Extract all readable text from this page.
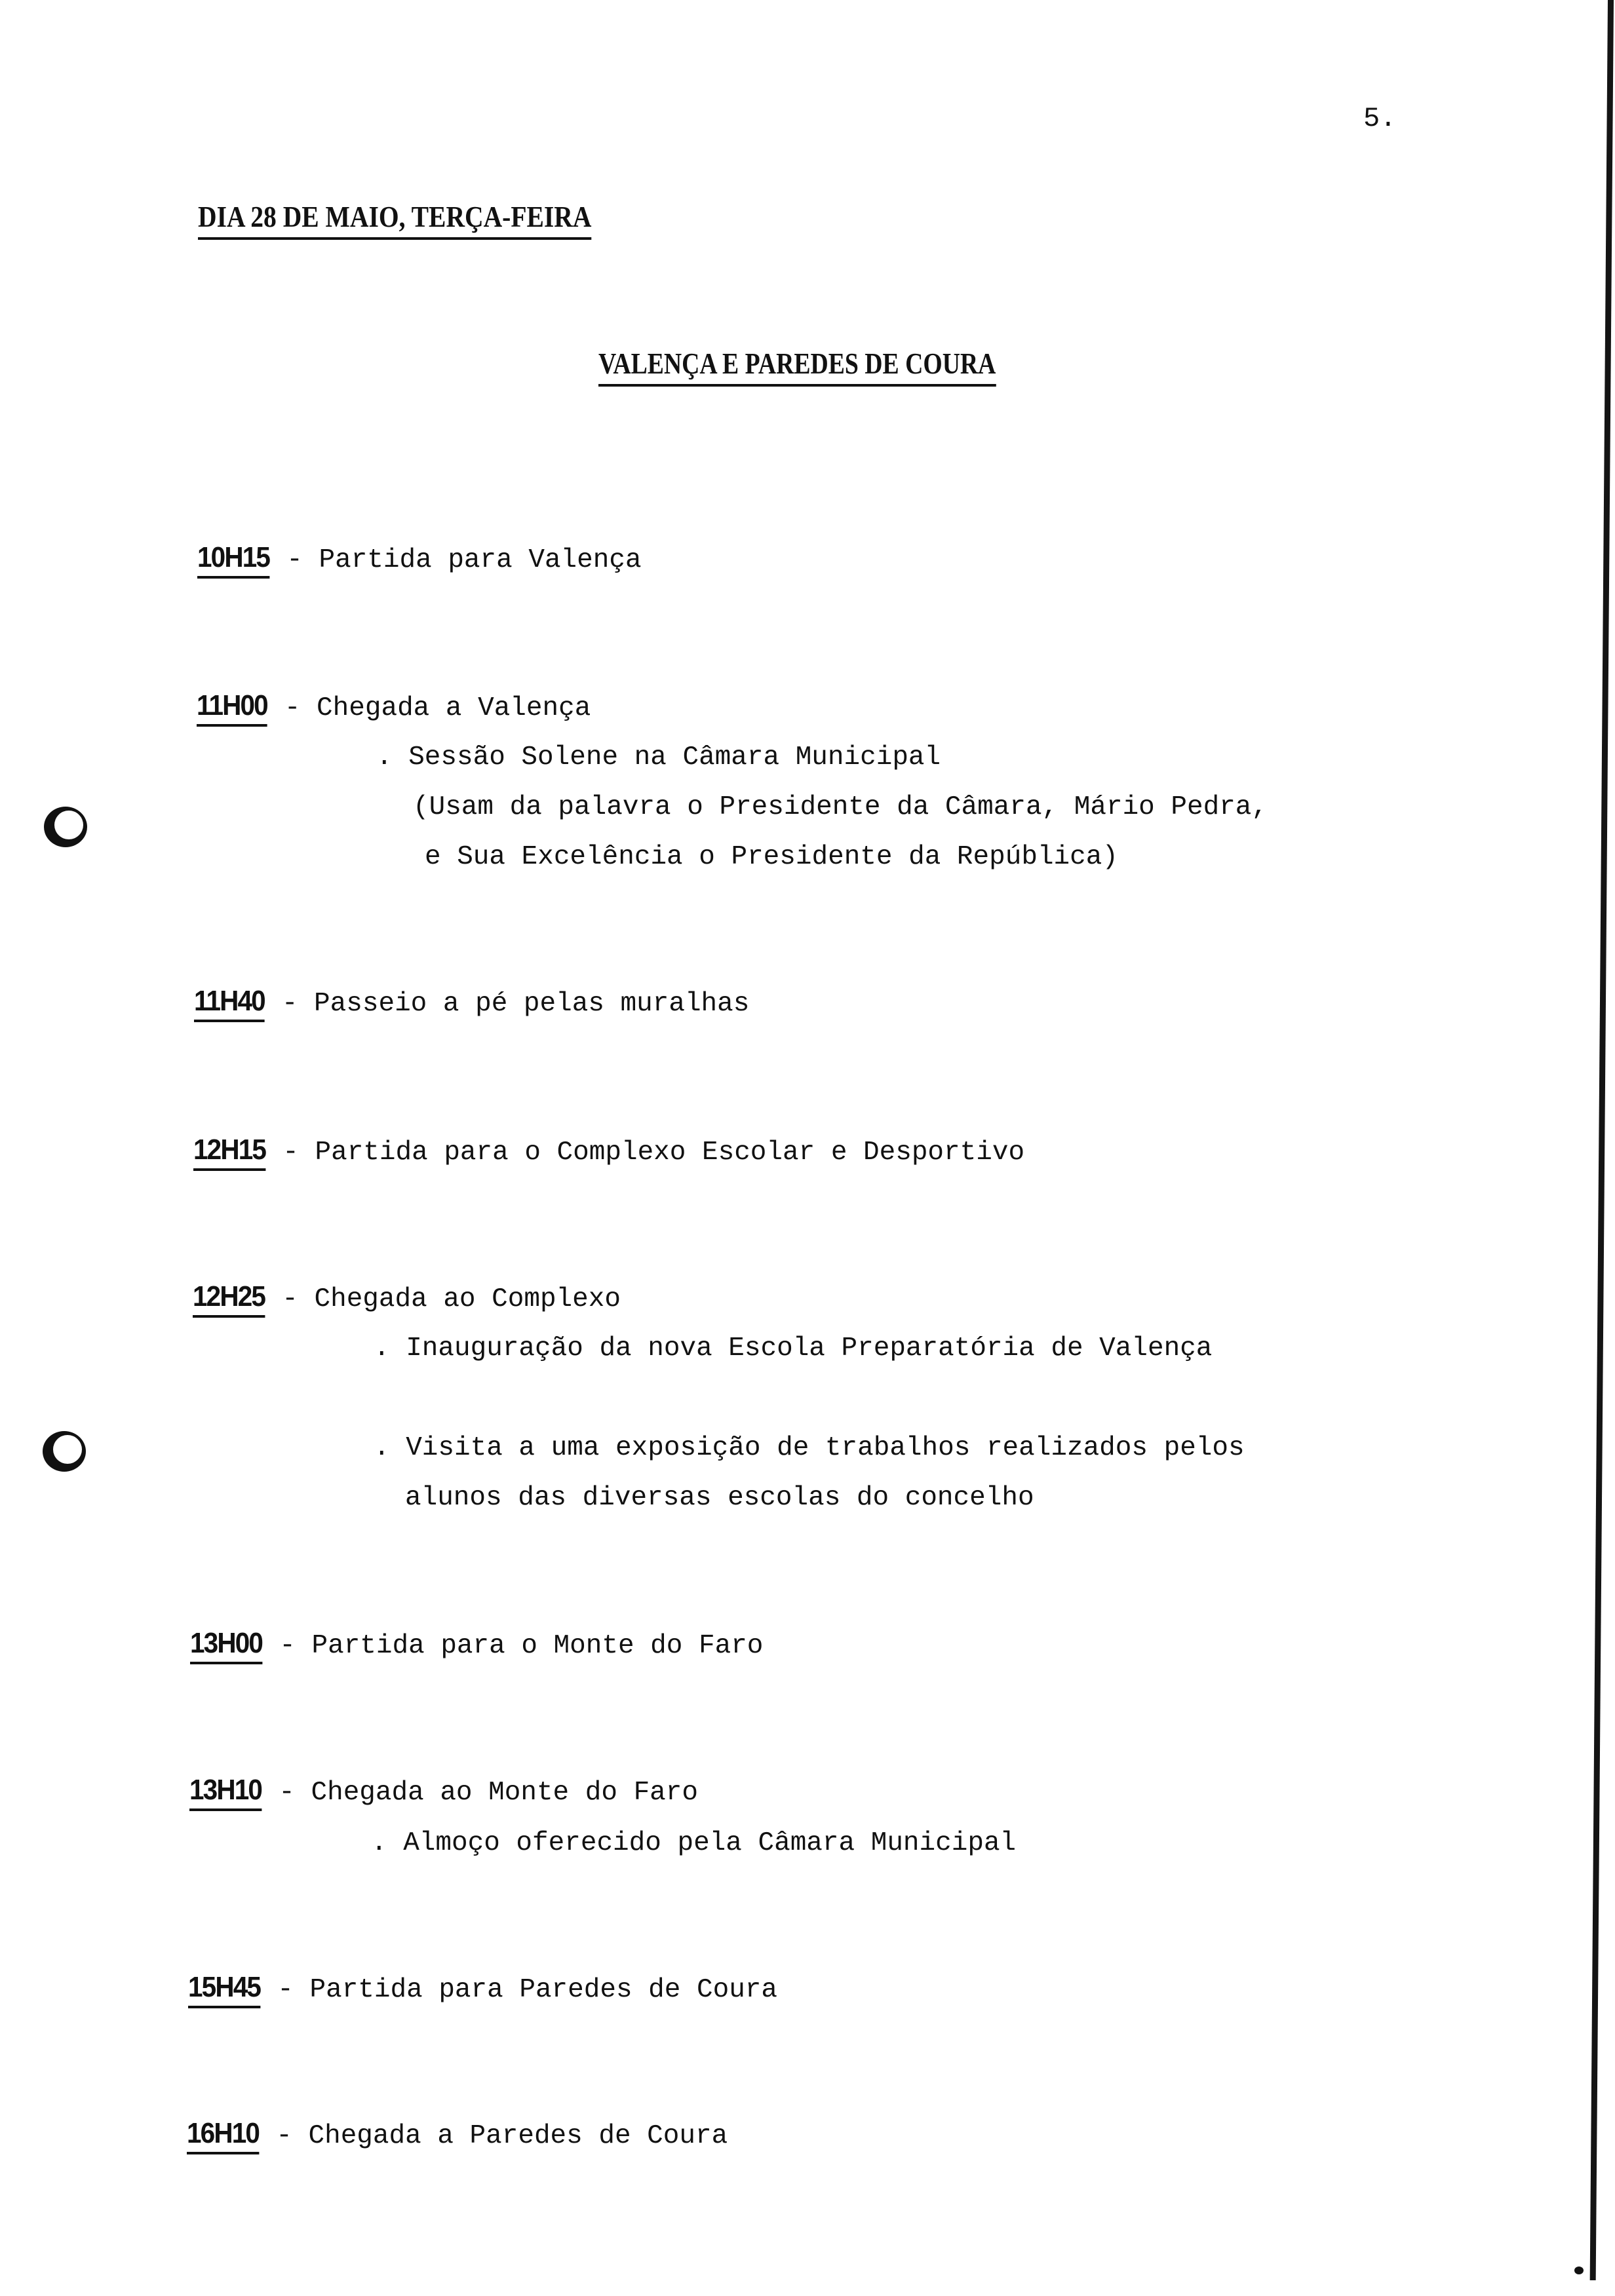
5.
DIA 28 DE MAIO, TERÇA-FEIRA
VALENÇA E PAREDES DE COURA
10H15 - Partida para Valença
11H00 - Chegada a Valença
. Sessão Solene na Câmara Municipal
(Usam da palavra o Presidente da Câmara, Mário Pedra,
e Sua Excelência o Presidente da República)
11H40 - Passeio a pé pelas muralhas
12H15 - Partida para o Complexo Escolar e Desportivo
12H25 - Chegada ao Complexo
. Inauguração da nova Escola Preparatória de Valença
. Visita a uma exposição de trabalhos realizados pelos
alunos das diversas escolas do concelho
13H00 - Partida para o Monte do Faro
13H10 - Chegada ao Monte do Faro
. Almoço oferecido pela Câmara Municipal
15H45 - Partida para Paredes de Coura
16H10 - Chegada a Paredes de Coura
